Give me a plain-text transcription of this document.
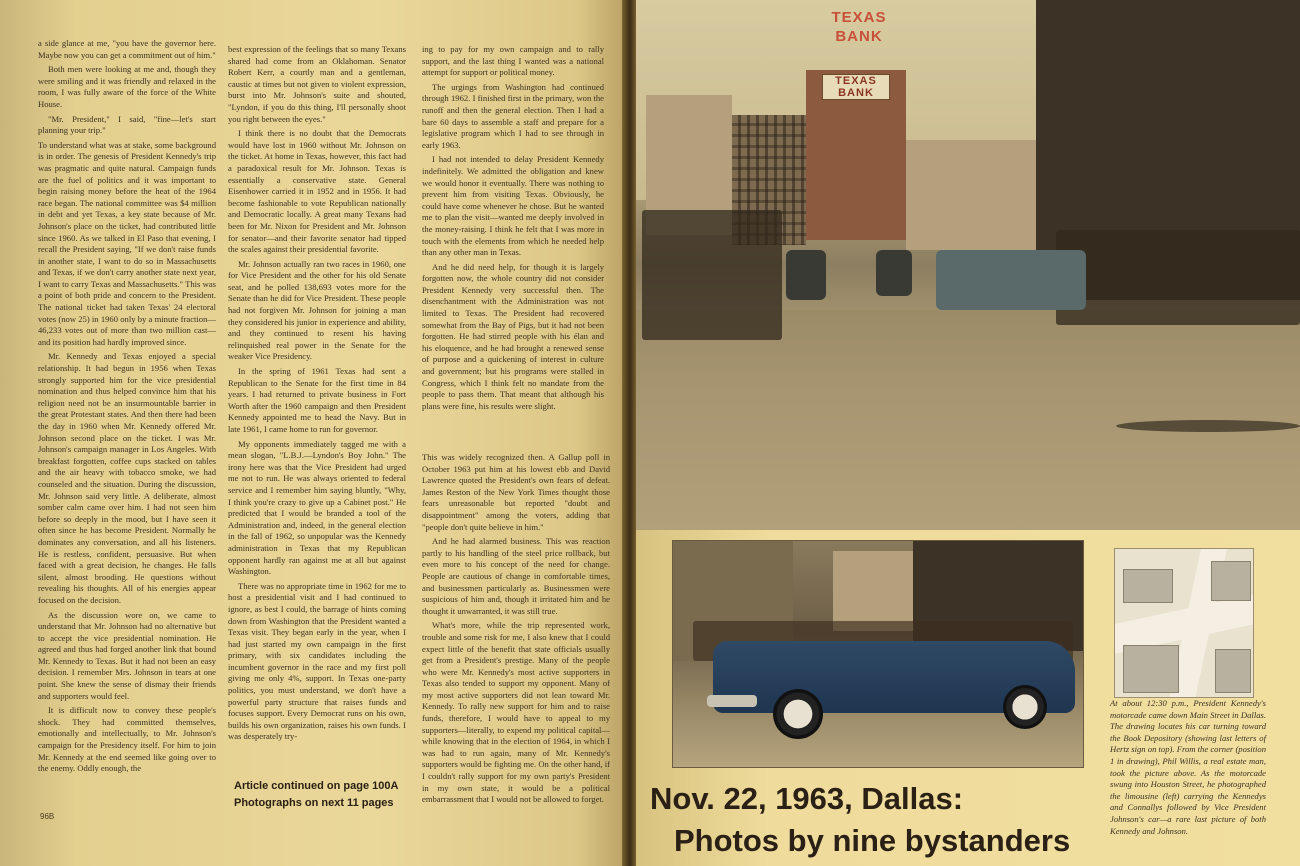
a side glance at me, "you have the governor here. Maybe now you can get a commitment out of him."

Both men were looking at me and, though they were smiling and it was friendly and relaxed in the room, I was fully aware of the force of the White House.

"Mr. President," I said, "fine—let's start planning your trip."

To understand what was at stake, some background is in order. The genesis of President Kennedy's trip was pragmatic and quite natural. Campaign funds are the fuel of politics and it was important to begin raising money before the heat of the 1964 race began. The national committee was $4 million in debt and yet Texas, a key state because of Mr. Johnson's place on the ticket, had contributed little since 1960. As we talked in El Paso that evening, I recall the President saying, "If we don't raise funds in another state, I want to do so in Massachusetts and Texas, if we don't carry another state next year, I want to carry Texas and Massachusetts." This was a point of both pride and concern to the President. The national ticket had taken Texas' 24 electoral votes (now 25) in 1960 only by a minute fraction—46,233 votes out of more than two million cast—and its position had hardly improved since.

Mr. Kennedy and Texas enjoyed a special relationship. It had begun in 1956 when Texas strongly supported him for the vice presidential nomination and thus helped convince him that his religion need not be an insurmountable barrier in the great Protestant states. And then there had been the day in 1960 when Mr. Kennedy offered Mr. Johnson second place on the ticket. I was Mr. Johnson's campaign manager in Los Angeles. With breakfast forgotten, coffee cups stacked on tables and the air heavy with tobacco smoke, we had counseled and the situation. During the discussion, Mr. Johnson said very little. A deliberate, almost somber calm came over him. I had not seen him before so deeply in the mood, but I have seen it often since he has become President. Normally he dominates any conversation, and all his listeners. He is restless, confident, persuasive. But when faced with a great decision, he changes. He falls silent, almost brooding. He questions without revealing his thoughts. All of his energies appear focused on the decision.

As the discussion wore on, we came to understand that Mr. Johnson had no alternative but to accept the vice presidential nomination. He agreed and thus had forged another link that bound Mr. Kennedy to Texas. But it had not been an easy decision. I remember Mrs. Johnson in tears at one point. She knew the sense of dismay their friends and supporters would feel.

It is difficult now to convey these people's shock. They had committed themselves, emotionally and intellectually, to Mr. Johnson's campaign for the Presidency itself. For him to join Mr. Kennedy at the end seemed like going over to the enemy. Oddly enough, the

best expression of the feelings that so many Texans shared had come from an Oklahoman. Senator Robert Kerr, a courtly man and a gentleman, caustic at times but not given to violent expression, burst into Mr. Johnson's suite and shouted, "Lyndon, if you do this thing, I'll personally shoot you right between the eyes."

I think there is no doubt that the Democrats would have lost in 1960 without Mr. Johnson on the ticket. At home in Texas, however, this fact had a paradoxical result for Mr. Johnson. Texas is essentially a conservative state. General Eisenhower carried it in 1952 and in 1956. It had become fashionable to vote Republican nationally and Democratic locally. A great many Texans had been for Mr. Nixon for President and Mr. Johnson for senator—and their favorite senator had tipped the scales against their presidential favorite.

Mr. Johnson actually ran two races in 1960, one for Vice President and the other for his old Senate seat, and he polled 138,693 votes more for the Senate than he did for Vice President. These people had not forgiven Mr. Johnson for joining a man they considered his junior in experience and ability, and they continued to resent his having relinquished real power in the Senate for the weaker Vice Presidency.

In the spring of 1961 Texas had sent a Republican to the Senate for the first time in 84 years. I had returned to private business in Fort Worth after the 1960 campaign and then President Kennedy appointed me to head the Navy. But in late 1961, I came home to run for governor.

My opponents immediately tagged me with a mean slogan, "L.B.J.—Lyndon's Boy John." The irony here was that the Vice President had urged me not to run. He was always oriented to federal service and I remember him saying bluntly, "Why, I think you're crazy to give up a Cabinet post." He predicted that I would be branded a tool of the Administration and, indeed, in the general election in the fall of 1962, so unpopular was the Kennedy administration in Texas that my Republican opponent hardly ran against me at all but against Washington.

There was no appropriate time in 1962 for me to host a presidential visit and I had continued to ignore, as best I could, the barrage of hints coming down from Washington that the President wanted a Texas visit. They began early in the year, when I had just started my own campaign in the first primary, with six candidates including the incumbent governor in the race and my first poll giving me only 4%, support. In Texas one-party politics, you must understand, we don't have a powerful party structure that raises funds and focuses support. Every Democrat runs on his own, builds his own organization, raises his own funds. I was desperately try-

Article continued on page 100A
Photographs on next 11 pages

ing to pay for my own campaign and to rally support, and the last thing I wanted was a national attempt for support or political money.

The urgings from Washington had continued through 1962. I finished first in the primary, won the runoff and then the general election. Then I had a bare 60 days to assemble a staff and prepare for a legislative program which I had to see through in early 1963.

I had not intended to delay President Kennedy indefinitely. We admitted the obligation and knew we would honor it eventually. There was nothing to prevent him from visiting Texas. Obviously, he could have come whenever he chose. But he wanted me to plan the visit—wanted me deeply involved in the money-raising. I think he felt that I was more in touch with the elements from which he needed help than any other man in Texas.

And he did need help, for though it is largely forgotten now, the whole country did not consider President Kennedy very successful then. The disenchantment with the Administration was not limited to Texas. The President had recovered somewhat from the Bay of Pigs, but it had not been forgotten. He had stirred people with his élan and his eloquence, and he had brought a renewed sense of purpose and a quickening of interest in culture and government; but his programs were stalled in Congress, which I think felt no mandate from the people to pass them. That meant that although his plans were fine, his results were slight.

96B
TEXAS
BANK
TEXAS BANK
At about 12:30 p.m., President Kennedy's motorcade came down Main Street in Dallas. The drawing locates his car turning toward the Book Depository (showing last letters of Hertz sign on top). From the corner (position 1 in drawing), Phil Willis, a real estate man, took the picture above. As the motorcade swung into Houston Street, he photographed the limousine (left) carrying the Kennedys and Connallys followed by Vice President Johnson's car—a rare last picture of both Kennedy and Johnson.
Nov. 22, 1963, Dallas:
Photos by nine bystanders

This was widely recognized then. A Gallup poll in October 1963 put him at his lowest ebb and David Lawrence quoted the President's own fears of defeat. James Reston of the New York Times thought those fears unreasonable but reported "doubt and disappointment" among the voters, adding that "people don't quite believe in him."

And he had alarmed business. This was reaction partly to his handling of the steel price rollback, but even more to his concept of the need for change. People are cautious of change in comfortable times, and businessmen particularly as. Businessmen were suspicious of him and, though it irritated him and he thought it unwarranted, it was still true.

What's more, while the trip represented work, trouble and some risk for me, I also knew that I could expect little of the benefit that state officials usually get from a President's prestige. Many of the people who were Mr. Kennedy's most active supporters in Texas also tended to support my opponent. Many of my most active supporters did not lean toward Mr. Kennedy. To rally new support for him and to raise funds, therefore, I would have to appeal to my supporters—literally, to expend my political capital—while knowing that in the election of 1964, in which I was had to run again, many of Mr. Kennedy's supporters would be fighting me. On the other hand, if I couldn't rally support for my own party's President in my own state, it would be a political embarrassment that I would not be allowed to forget.
